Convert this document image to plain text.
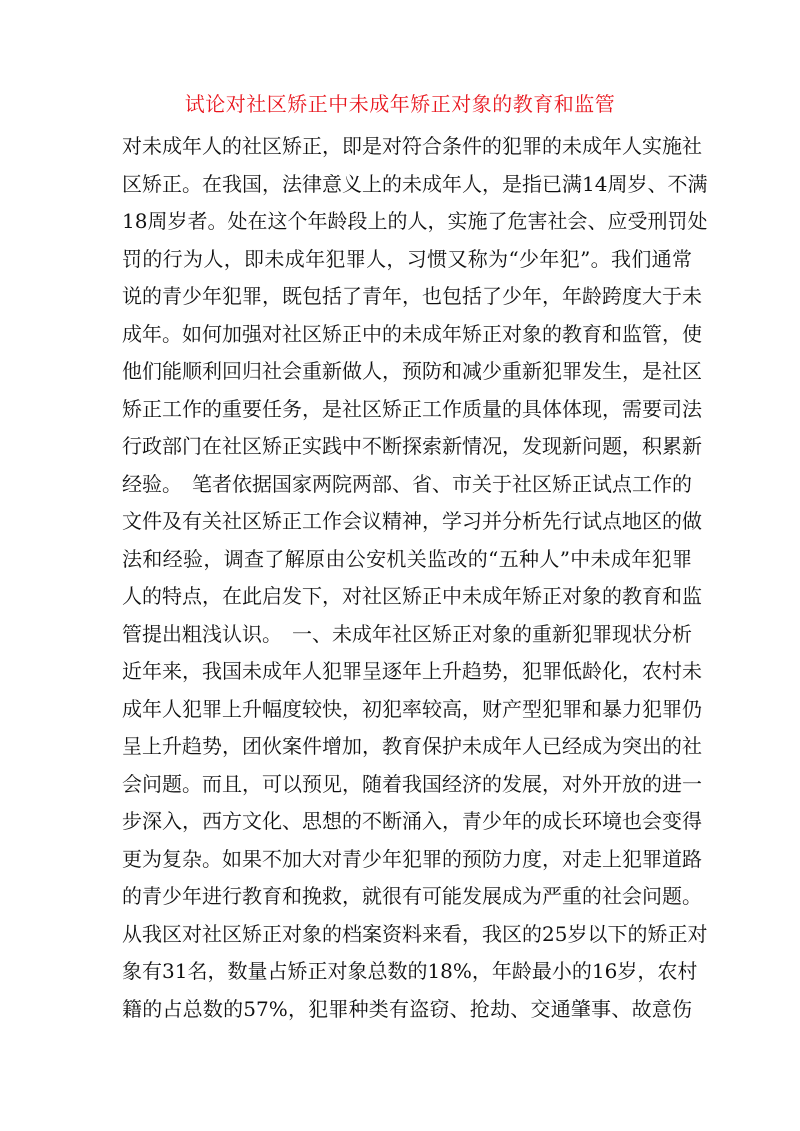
试论对社区矫正中未成年矫正对象的教育和监管
对未成年人的社区矫正，即是对符合条件的犯罪的未成年人实施社
区矫正。在我国，法律意义上的未成年人，是指已满14周岁、不满
18周岁者。处在这个年龄段上的人，实施了危害社会、应受刑罚处
罚的行为人，即未成年犯罪人，习惯又称为“少年犯”。我们通常
说的青少年犯罪，既包括了青年，也包括了少年，年龄跨度大于未
成年。如何加强对社区矫正中的未成年矫正对象的教育和监管，使
他们能顺利回归社会重新做人，预防和减少重新犯罪发生，是社区
矫正工作的重要任务，是社区矫正工作质量的具体体现，需要司法
行政部门在社区矫正实践中不断探索新情况，发现新问题，积累新
经验。　笔者依据国家两院两部、省、市关于社区矫正试点工作的
文件及有关社区矫正工作会议精神，学习并分析先行试点地区的做
法和经验，调查了解原由公安机关监改的“五种人”中未成年犯罪
人的特点，在此启发下，对社区矫正中未成年矫正对象的教育和监
管提出粗浅认识。　一、未成年社区矫正对象的重新犯罪现状分析
近年来，我国未成年人犯罪呈逐年上升趋势，犯罪低龄化，农村未
成年人犯罪上升幅度较快，初犯率较高，财产型犯罪和暴力犯罪仍
呈上升趋势，团伙案件增加，教育保护未成年人已经成为突出的社
会问题。而且，可以预见，随着我国经济的发展，对外开放的进一
步深入，西方文化、思想的不断涌入，青少年的成长环境也会变得
更为复杂。如果不加大对青少年犯罪的预防力度，对走上犯罪道路
的青少年进行教育和挽救，就很有可能发展成为严重的社会问题。
从我区对社区矫正对象的档案资料来看，我区的25岁以下的矫正对
象有31名，数量占矫正对象总数的18%，年龄最小的16岁，农村
籍的占总数的57%，犯罪种类有盗窃、抢劫、交通肇事、故意伤
